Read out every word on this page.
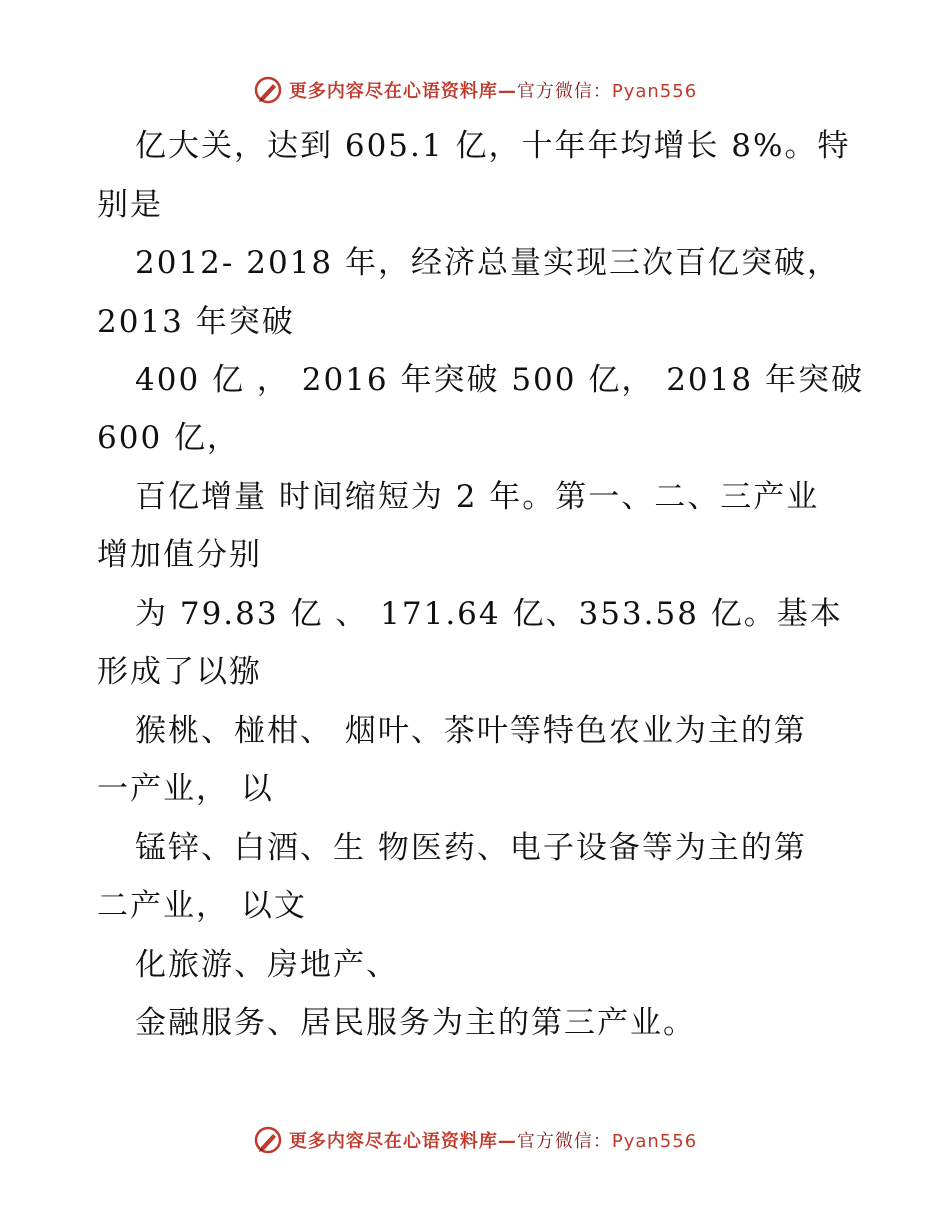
更多内容尽在心语资料库—官方微信：Pyan556
亿大关，达到 605.1 亿，十年年均增长 8%。特
别是
2012- 2018 年，经济总量实现三次百亿突破，
2013 年突破
400 亿 ， 2016 年突破 500 亿， 2018 年突破
600 亿，
百亿增量 时间缩短为 2 年。第一、二、三产业
增加值分别
为 79.83 亿 、 171.64 亿、353.58 亿。基本
形成了以猕
猴桃、椪柑、 烟叶、茶叶等特色农业为主的第
一产业， 以
锰锌、白酒、生 物医药、电子设备等为主的第
二产业， 以文
化旅游、房地产、
金融服务、居民服务为主的第三产业。
更多内容尽在心语资料库—官方微信：Pyan556
